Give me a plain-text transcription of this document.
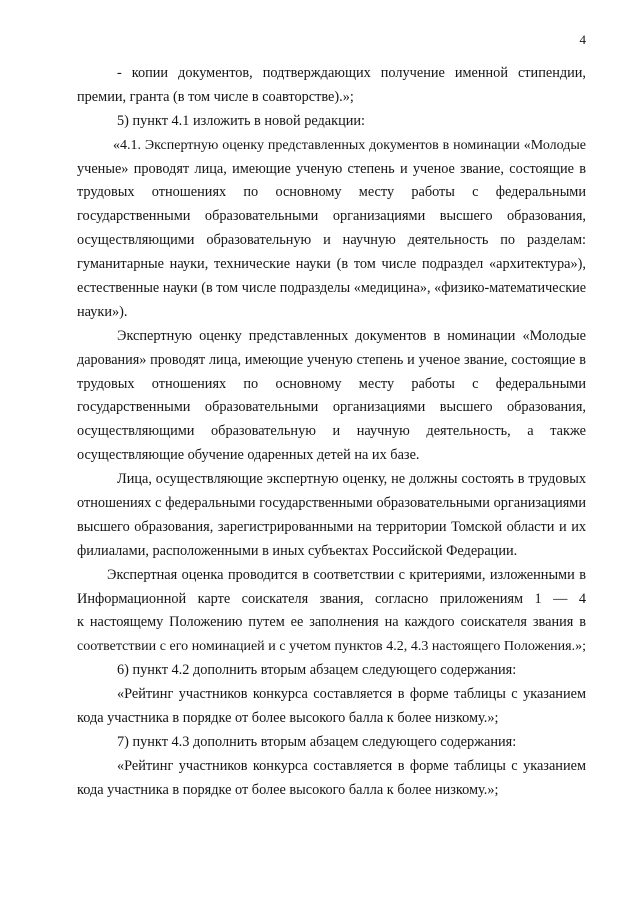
4
- копии документов, подтверждающих получение именной стипендии,
премии, гранта (в том числе в соавторстве).»;
5) пункт 4.1 изложить в новой редакции:
«4.1. Экспертную оценку представленных документов в номинации «Молодые
ученые» проводят лица, имеющие ученую степень и ученое звание, состоящие в
трудовых отношениях по основному месту работы с федеральными
государственными образовательными организациями высшего образования,
осуществляющими образовательную и научную деятельность по разделам:
гуманитарные науки, технические науки (в том числе подраздел «архитектура»),
естественные науки (в том числе подразделы «медицина», «физико-математические
науки»).
Экспертную оценку представленных документов в номинации «Молодые
дарования» проводят лица, имеющие ученую степень и ученое звание, состоящие в
трудовых отношениях по основному месту работы с федеральными
государственными образовательными организациями высшего образования,
осуществляющими образовательную и научную деятельность, а также
осуществляющие обучение одаренных детей на их базе.
Лица, осуществляющие экспертную оценку, не должны состоять в трудовых
отношениях с федеральными государственными образовательными организациями
высшего образования, зарегистрированными на территории Томской области и их
филиалами, расположенными в иных субъектах Российской Федерации.
Экспертная оценка проводится в соответствии с критериями, изложенными в
Информационной карте соискателя звания, согласно приложениям 1 — 4
к настоящему Положению путем ее заполнения на каждого соискателя звания в
соответствии с его номинацией и с учетом пунктов 4.2, 4.3 настоящего Положения.»;
6) пункт 4.2 дополнить вторым абзацем следующего содержания:
«Рейтинг участников конкурса составляется в форме таблицы с указанием
кода участника в порядке от более высокого балла к более низкому.»;
7) пункт 4.3 дополнить вторым абзацем следующего содержания:
«Рейтинг участников конкурса составляется в форме таблицы с указанием
кода участника в порядке от более высокого балла к более низкому.»;
